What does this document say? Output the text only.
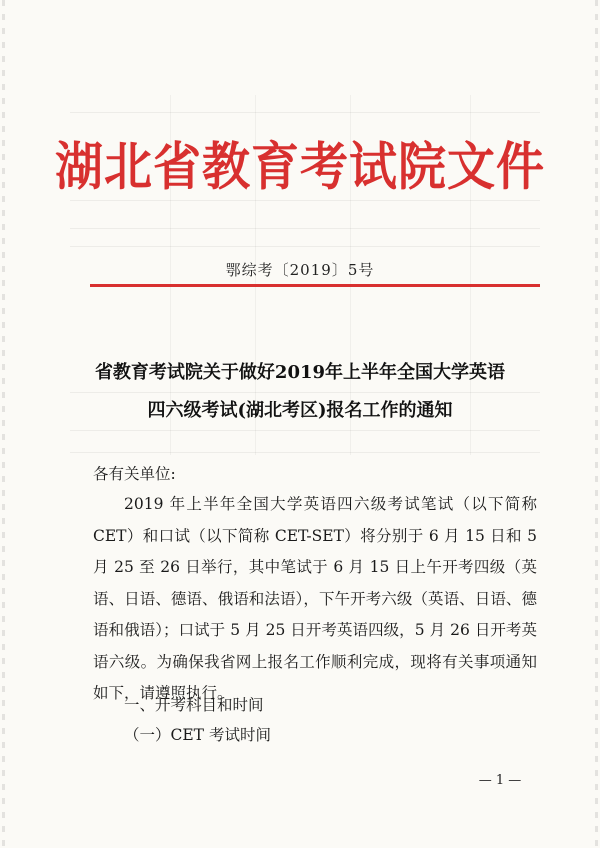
湖北省教育考试院文件
鄂综考〔2019〕5号
省教育考试院关于做好2019年上半年全国大学英语
四六级考试(湖北考区)报名工作的通知
各有关单位:
2019 年上半年全国大学英语四六级考试笔试（以下简称 CET）和口试（以下简称 CET-SET）将分别于 6 月 15 日和 5 月 25 至 26 日举行，其中笔试于 6 月 15 日上午开考四级（英语、日语、德语、俄语和法语），下午开考六级（英语、日语、德语和俄语）；口试于 5 月 25 日开考英语四级，5 月 26 日开考英语六级。为确保我省网上报名工作顺利完成，现将有关事项通知如下，请遵照执行。
一、开考科目和时间
（一）CET 考试时间
— 1 —
